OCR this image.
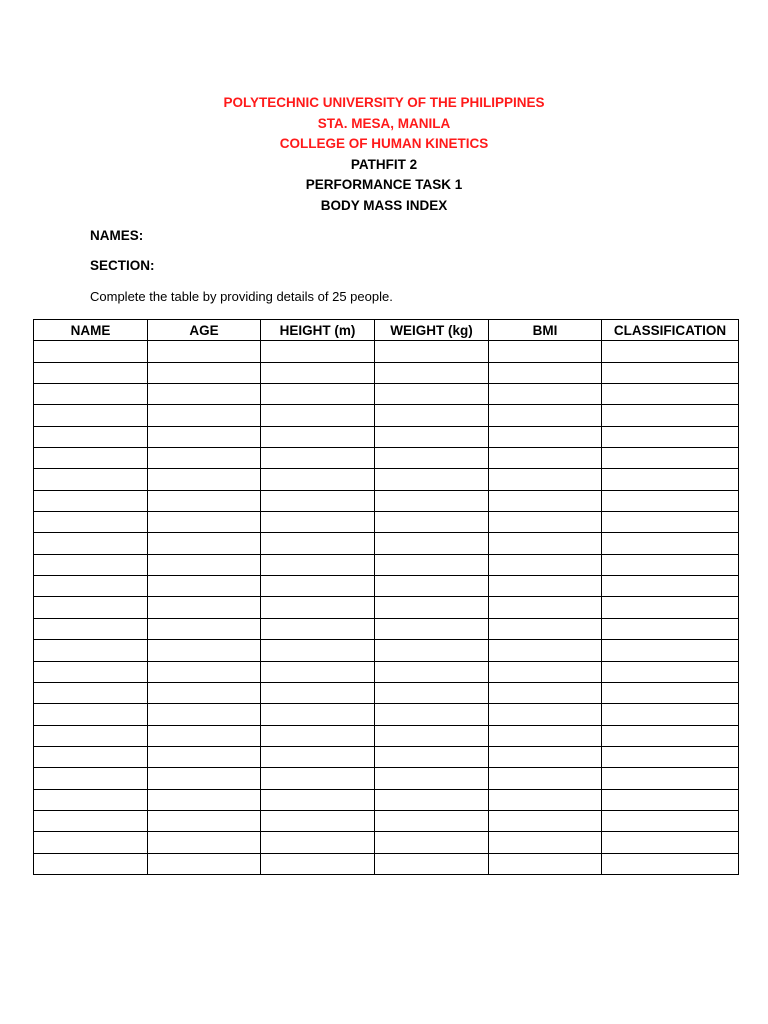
POLYTECHNIC UNIVERSITY OF THE PHILIPPINES
STA. MESA, MANILA
COLLEGE OF HUMAN KINETICS
PATHFIT 2
PERFORMANCE TASK 1
BODY MASS INDEX
NAMES:
SECTION:
Complete the table by providing details of 25 people.
NAME	AGE	HEIGHT (m)	WEIGHT (kg)	BMI	CLASSIFICATION
